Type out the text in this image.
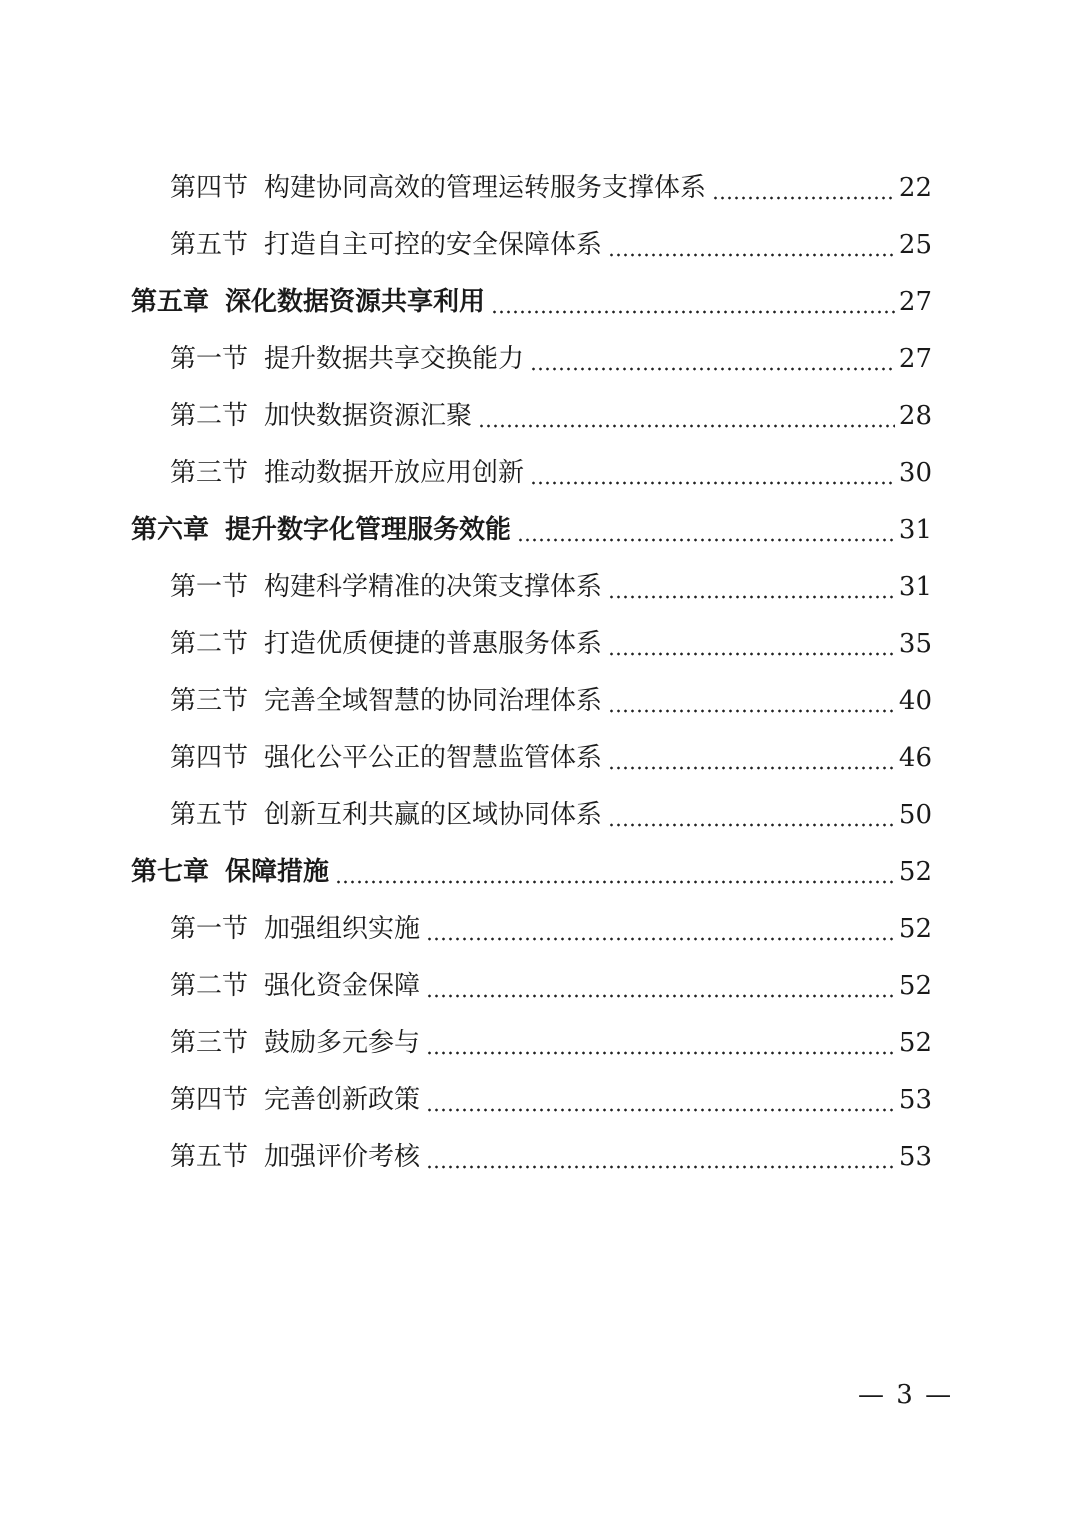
第四节 构建协同高效的管理运转服务支撑体系	22
第五节 打造自主可控的安全保障体系	25
第五章 深化数据资源共享利用	27
第一节 提升数据共享交换能力	27
第二节 加快数据资源汇聚	28
第三节 推动数据开放应用创新	30
第六章 提升数字化管理服务效能	31
第一节 构建科学精准的决策支撑体系	31
第二节 打造优质便捷的普惠服务体系	35
第三节 完善全域智慧的协同治理体系	40
第四节 强化公平公正的智慧监管体系	46
第五节 创新互利共赢的区域协同体系	50
第七章 保障措施	52
第一节 加强组织实施	52
第二节 强化资金保障	52
第三节 鼓励多元参与	52
第四节 完善创新政策	53
第五节 加强评价考核	53
— 3 —
